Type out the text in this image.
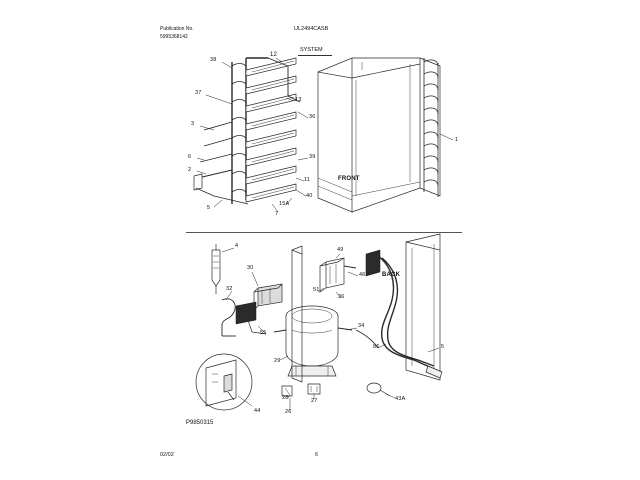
Publication No.
5995368142
UL2494CASB
SYSTEM
38
12
13
37
36
3
1
6	39
2
11
40
5
7
15A
FRONT
4
49
30
46
32	51
36
55
34
86	5
29
27
28	43A
44	26
BACK
P9850315
02/02	6
